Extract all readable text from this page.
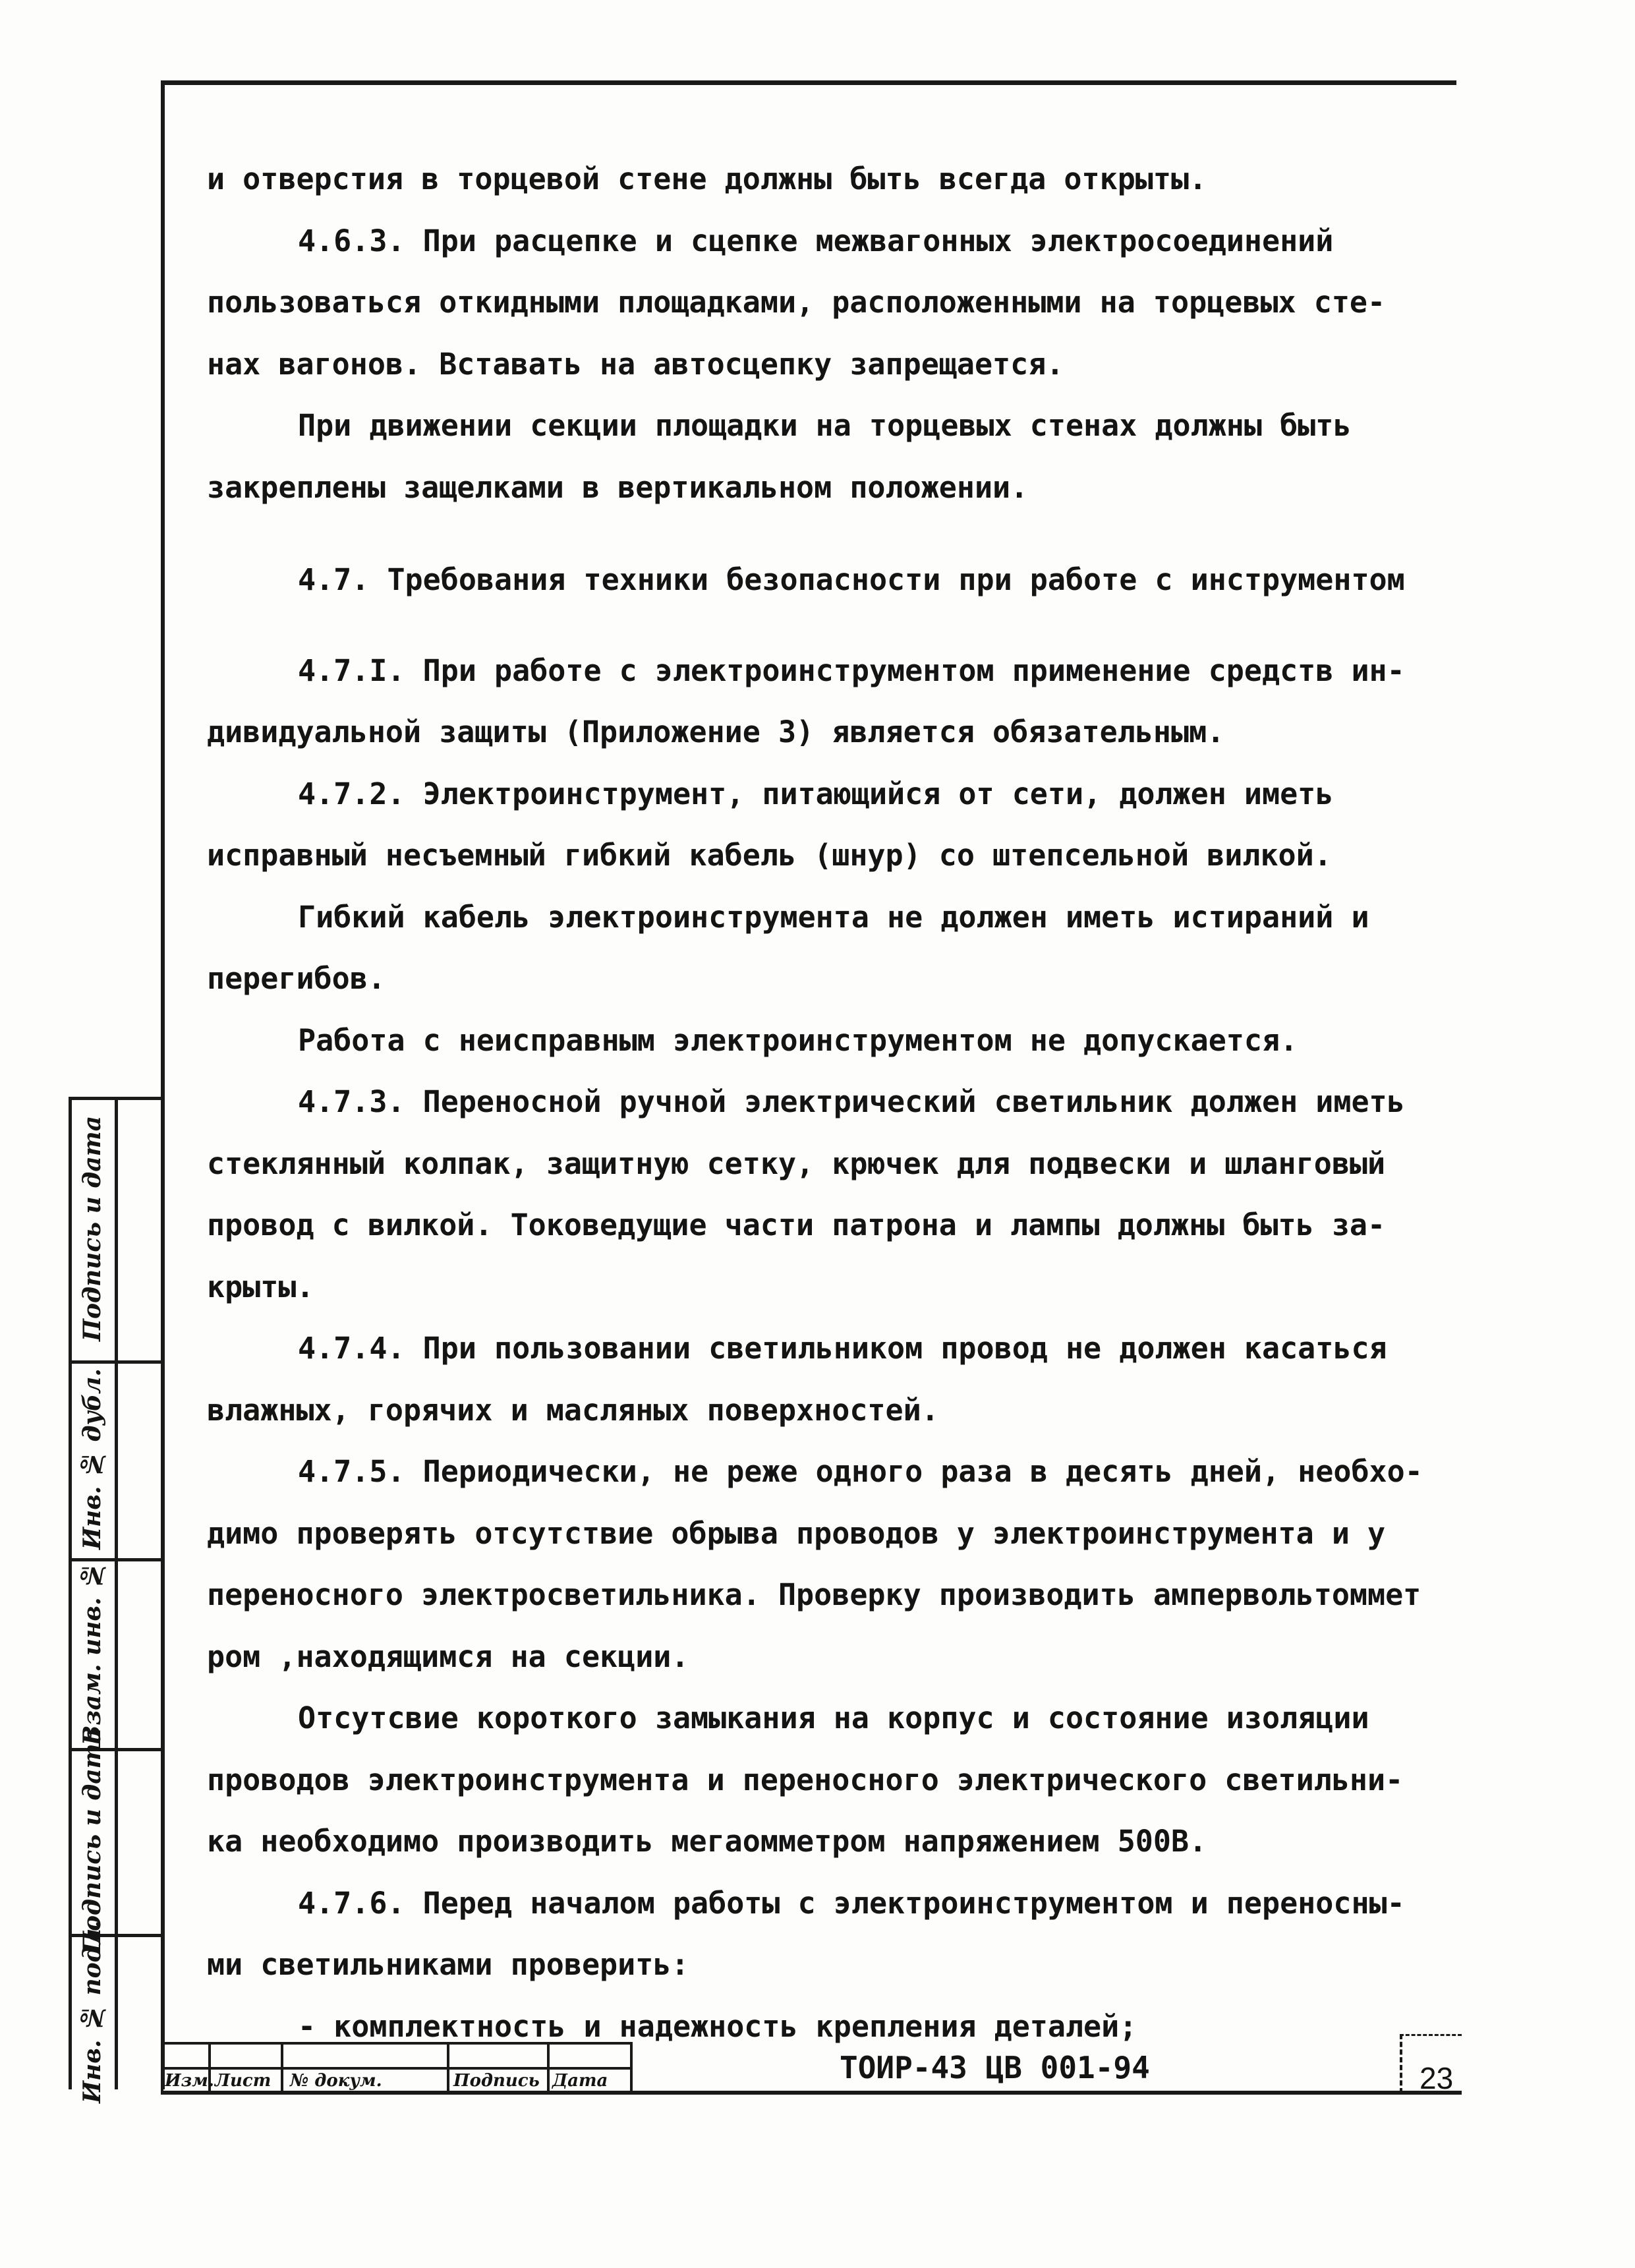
и отверстия в торцевой стене должны быть всегда открыты.

4.6.3. При расцепке и сцепке межвагонных электросоединений

пользоваться откидными площадками, расположенными на торцевых сте-

нах вагонов. Вставать на автосцепку запрещается.

При движении секции площадки на торцевых стенах должны быть

закреплены защелками в вертикальном положении.

4.7. Требования техники безопасности при работе с инструментом

4.7.I. При работе с электроинструментом применение средств ин-

дивидуальной защиты (Приложение 3) является обязательным.

4.7.2. Электроинструмент, питающийся от сети, должен иметь

исправный несъемный гибкий кабель (шнур) со штепсельной вилкой.

Гибкий кабель электроинструмента не должен иметь истираний и

перегибов.

Работа с неисправным электроинструментом не допускается.

4.7.3. Переносной ручной электрический светильник должен иметь

стеклянный колпак, защитную сетку, крючек для подвески и шланговый

провод с вилкой. Токоведущие части патрона и лампы должны быть за-

крыты.

4.7.4. При пользовании светильником провод не должен касаться

влажных, горячих и масляных поверхностей.

4.7.5. Периодически, не реже одного раза в десять дней, необхо-

димо проверять отсутствие обрыва проводов у электроинструмента и у

переносного электросветильника. Проверку производить ампервольтоммет

ром ,находящимся на секции.

Отсутсвие короткого замыкания на корпус и состояние изоляции

проводов электроинструмента и переносного электрического светильни-

ка необходимо производить мегаомметром напряжением 500В.

4.7.6. Перед началом работы с электроинструментом и переносны-

ми светильниками проверить:

- комплектность и надежность крепления деталей;

Подпись и дата
Инв. № дубл.
Взам. инв. №
Подпись и дата
Инв. № подл.	Изм. Лист № докум.	Подпись Дата	ТОИР-43 ЦВ 001-94	23
